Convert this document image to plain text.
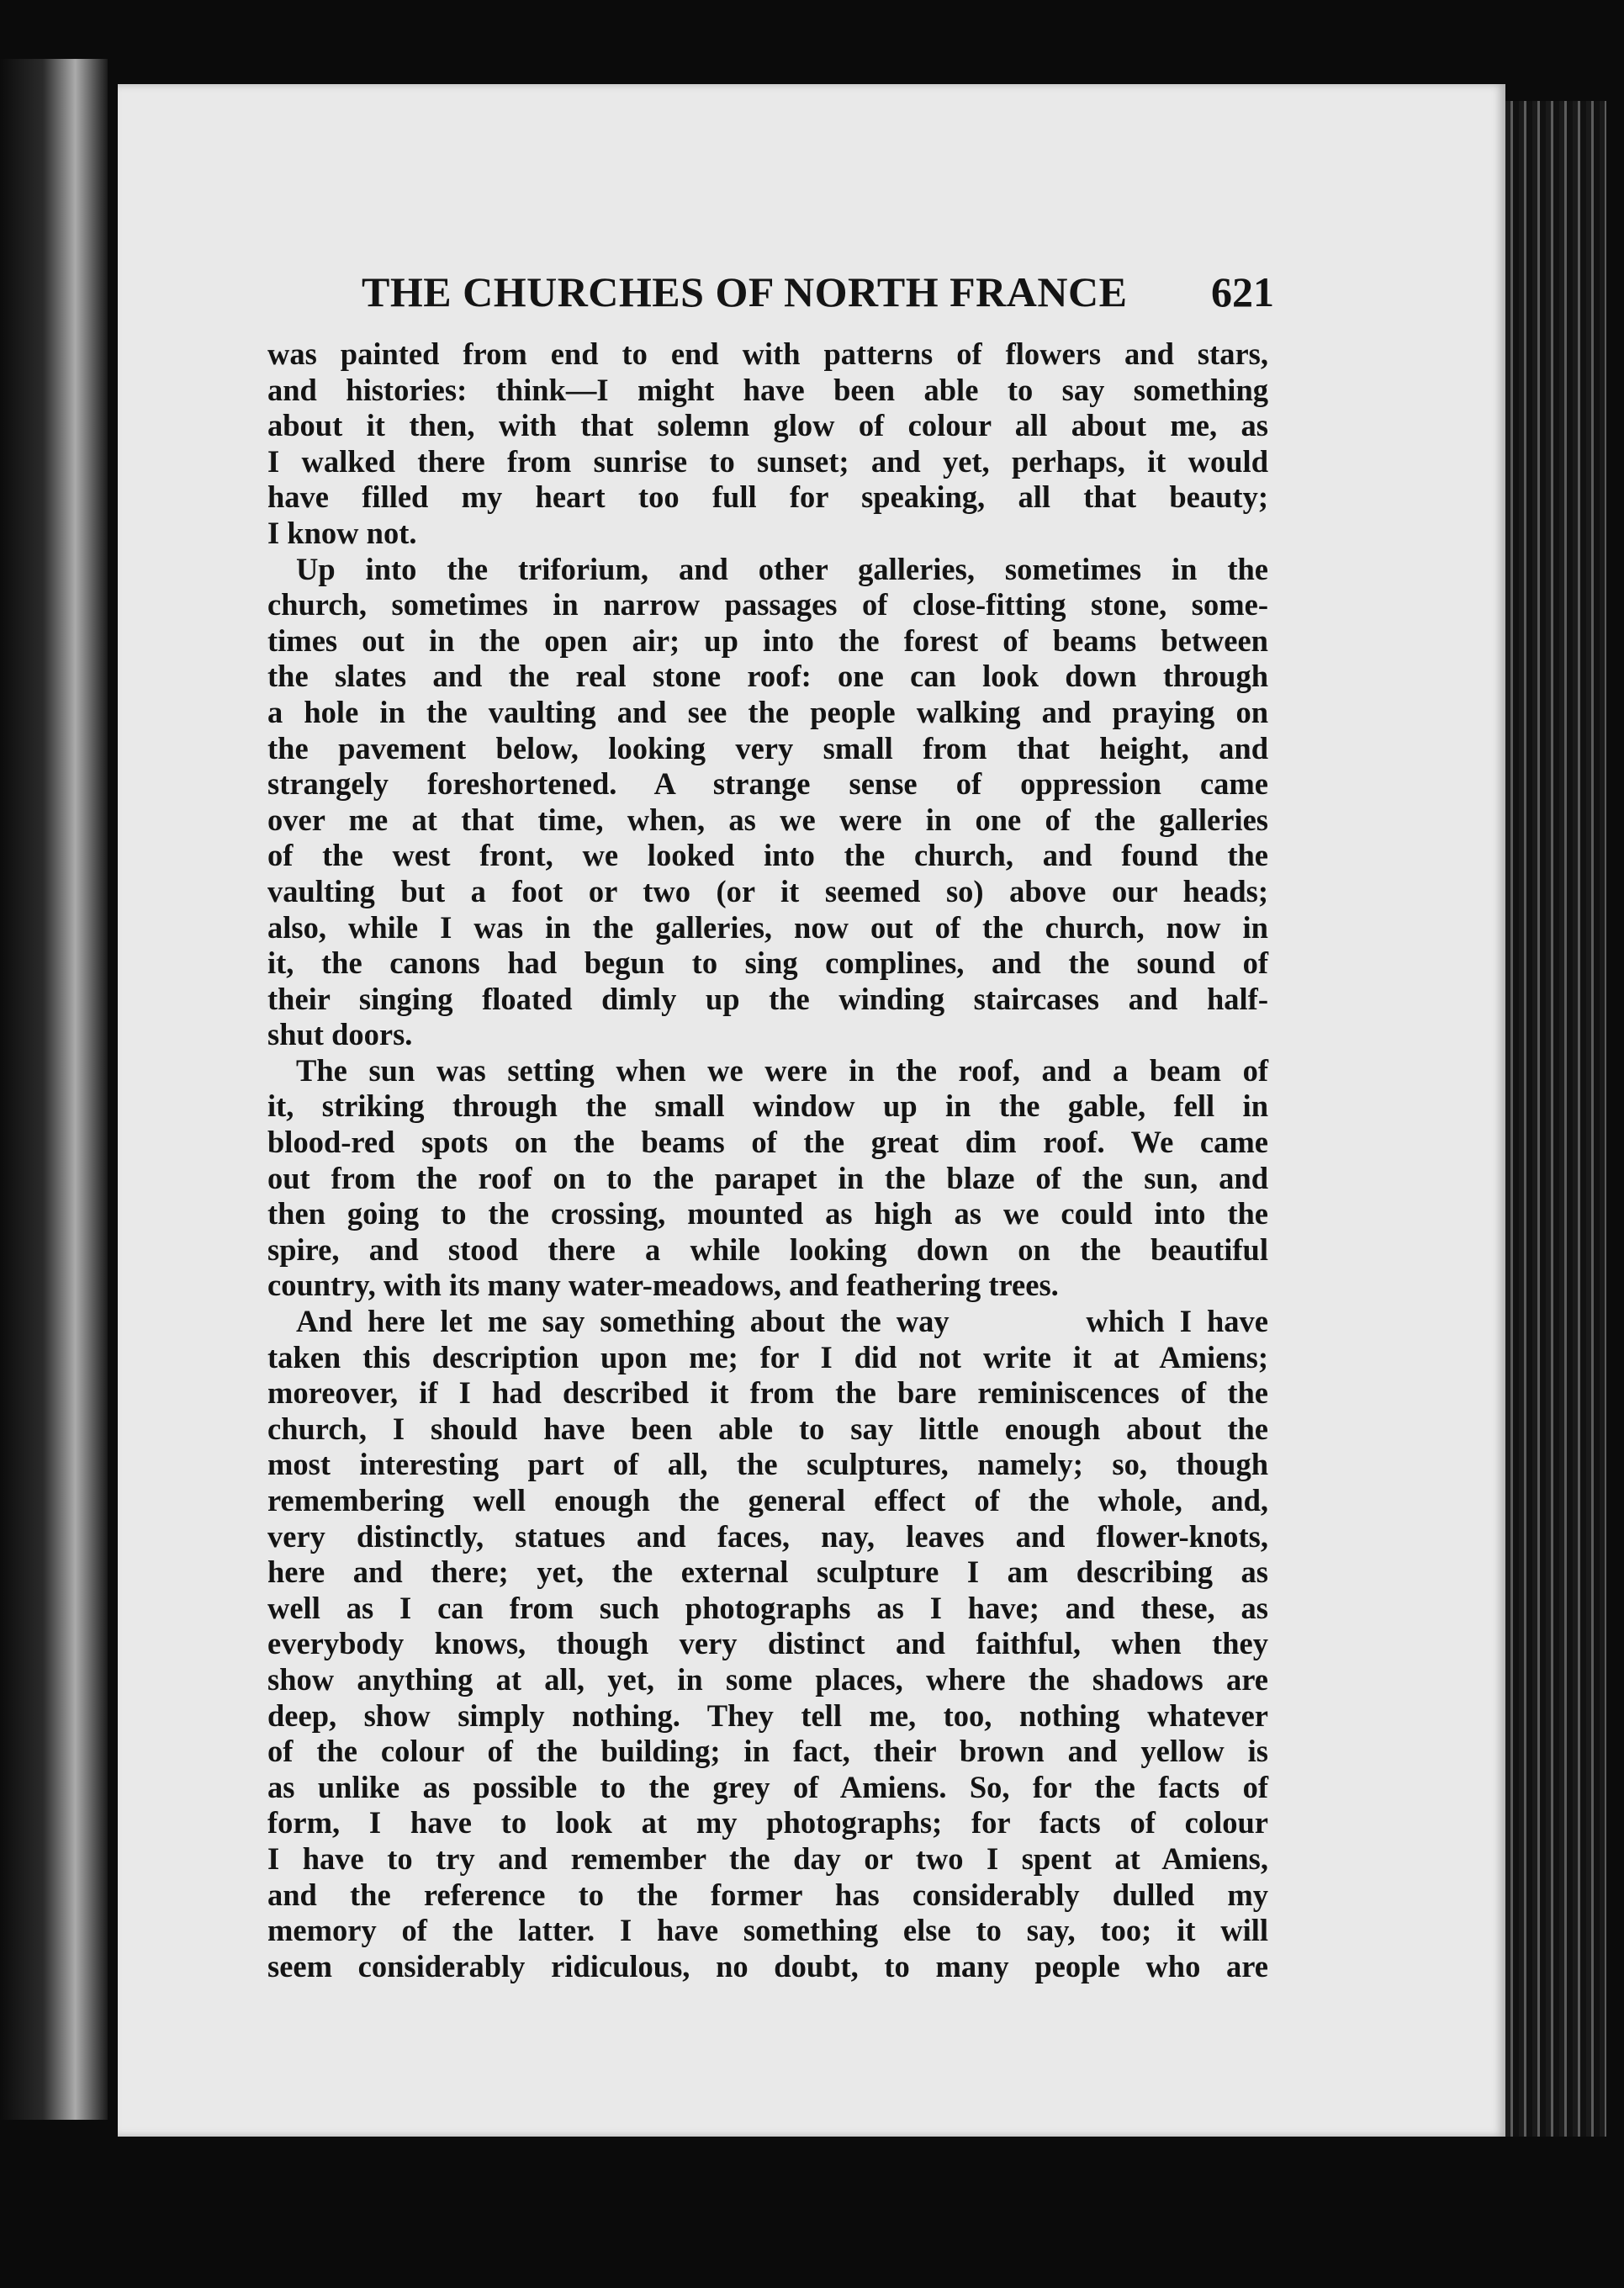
THE CHURCHES OF NORTH FRANCE 621
was painted from end to end with patterns of flowers and stars,
and histories: think—I might have been able to say something
about it then, with that solemn glow of colour all about me, as
I walked there from sunrise to sunset; and yet, perhaps, it would
have filled my heart too full for speaking, all that beauty;
I know not.
Up into the triforium, and other galleries, sometimes in the
church, sometimes in narrow passages of close-fitting stone, some-
times out in the open air; up into the forest of beams between
the slates and the real stone roof: one can look down through
a hole in the vaulting and see the people walking and praying on
the pavement below, looking very small from that height, and
strangely foreshortened. A strange sense of oppression came
over me at that time, when, as we were in one of the galleries
of the west front, we looked into the church, and found the
vaulting but a foot or two (or it seemed so) above our heads;
also, while I was in the galleries, now out of the church, now in
it, the canons had begun to sing complines, and the sound of
their singing floated dimly up the winding staircases and half-
shut doors.
The sun was setting when we were in the roof, and a beam of
it, striking through the small window up in the gable, fell in
blood-red spots on the beams of the great dim roof. We came
out from the roof on to the parapet in the blaze of the sun, and
then going to the crossing, mounted as high as we could into the
spire, and stood there a while looking down on the beautiful
country, with its many water-meadows, and feathering trees.
And here let me say something about the way         which I have
taken this description upon me; for I did not write it at Amiens;
moreover, if I had described it from the bare reminiscences of the
church, I should have been able to say little enough about the
most interesting part of all, the sculptures, namely; so, though
remembering well enough the general effect of the whole, and,
very distinctly, statues and faces, nay, leaves and flower-knots,
here and there; yet, the external sculpture I am describing as
well as I can from such photographs as I have; and these, as
everybody knows, though very distinct and faithful, when they
show anything at all, yet, in some places, where the shadows are
deep, show simply nothing. They tell me, too, nothing whatever
of the colour of the building; in fact, their brown and yellow is
as unlike as possible to the grey of Amiens. So, for the facts of
form, I have to look at my photographs; for facts of colour
I have to try and remember the day or two I spent at Amiens,
and the reference to the former has considerably dulled my
memory of the latter. I have something else to say, too; it will
seem considerably ridiculous, no doubt, to many people who are
